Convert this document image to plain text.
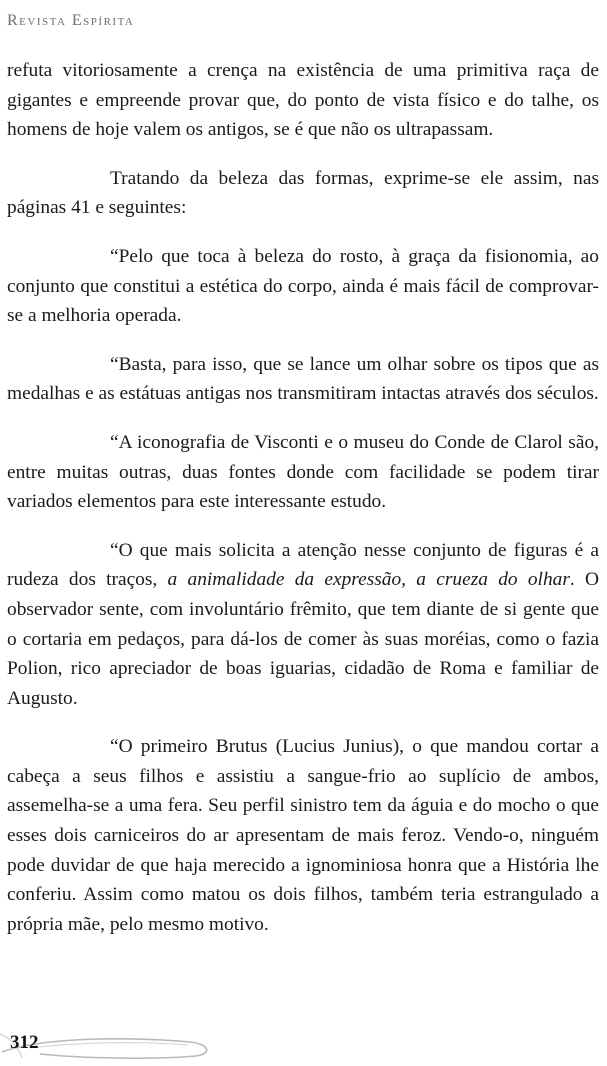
Revista Espírita

refuta vitoriosamente a crença na existência de uma primitiva raça de gigantes e empreende provar que, do ponto de vista físico e do talhe, os homens de hoje valem os antigos, se é que não os ultrapassam.

Tratando da beleza das formas, exprime-se ele assim, nas páginas 41 e seguintes:

“Pelo que toca à beleza do rosto, à graça da fisionomia, ao conjunto que constitui a estética do corpo, ainda é mais fácil de comprovar-se a melhoria operada.

“Basta, para isso, que se lance um olhar sobre os tipos que as medalhas e as estátuas antigas nos transmitiram intactas através dos séculos.

“A iconografia de Visconti e o museu do Conde de Clarol são, entre muitas outras, duas fontes donde com facilidade se podem tirar variados elementos para este interessante estudo.

“O que mais solicita a atenção nesse conjunto de figuras é a rudeza dos traços, a animalidade da expressão, a crueza do olhar. O observador sente, com involuntário frêmito, que tem diante de si gente que o cortaria em pedaços, para dá-los de comer às suas moréias, como o fazia Polion, rico apreciador de boas iguarias, cidadão de Roma e familiar de Augusto.

“O primeiro Brutus (Lucius Junius), o que mandou cortar a cabeça a seus filhos e assistiu a sangue-frio ao suplício de ambos, assemelha-se a uma fera. Seu perfil sinistro tem da águia e do mocho o que esses dois carniceiros do ar apresentam de mais feroz. Vendo-o, ninguém pode duvidar de que haja merecido a ignominiosa honra que a História lhe conferiu. Assim como matou os dois filhos, também teria estrangulado a própria mãe, pelo mesmo motivo.

312
